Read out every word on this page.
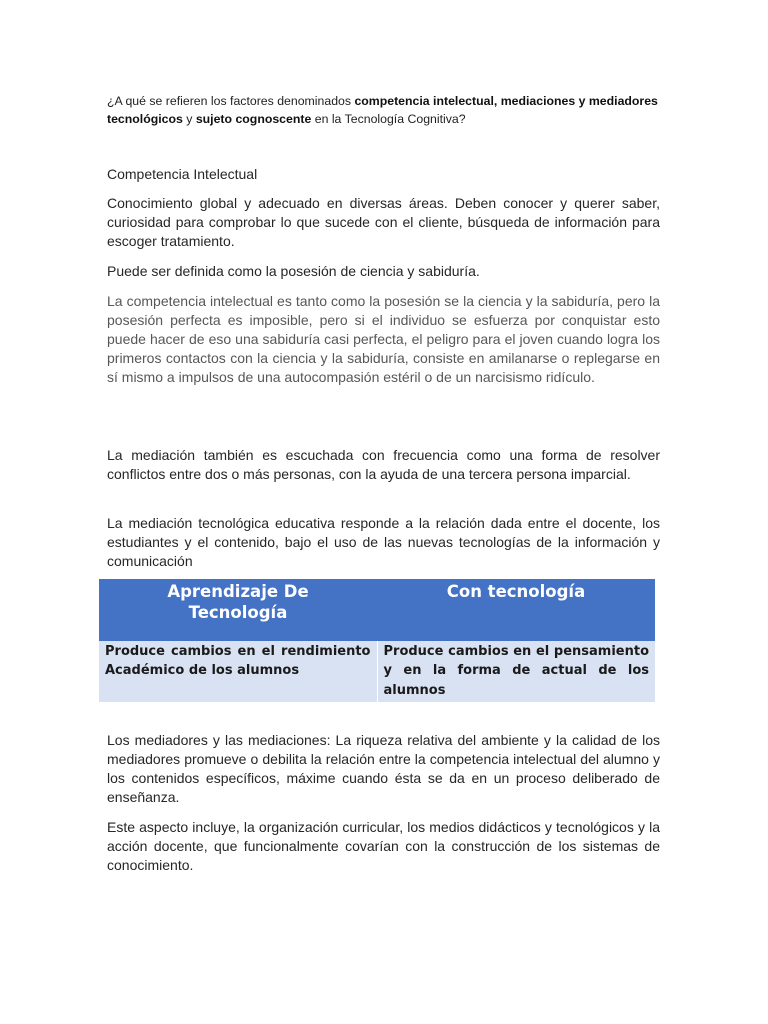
¿A qué se refieren los factores denominados competencia intelectual, mediaciones y mediadores tecnológicos y sujeto cognoscente en la Tecnología Cognitiva?

Competencia Intelectual

Conocimiento global y adecuado en diversas áreas. Deben conocer y querer saber, curiosidad para comprobar lo que sucede con el cliente, búsqueda de información para escoger tratamiento.

Puede ser definida como la posesión de ciencia y sabiduría.

La competencia intelectual es tanto como la posesión se la ciencia y la sabiduría, pero la posesión perfecta es imposible, pero si el individuo se esfuerza por conquistar esto puede hacer de eso una sabiduría casi perfecta, el peligro para el joven cuando logra los primeros contactos con la ciencia y la sabiduría, consiste en amilanarse o replegarse en sí mismo a impulsos de una autocompasión estéril o de un narcisismo ridículo.

La mediación también es escuchada con frecuencia como una forma de resolver conflictos entre dos o más personas, con la ayuda de una tercera persona imparcial.

La mediación tecnológica educativa responde a la relación dada entre el docente, los estudiantes y el contenido, bajo el uso de las nuevas tecnologías de la información y comunicación

Aprendizaje De Tecnología	Con tecnología
Produce cambios en el rendimiento Académico de los alumnos	Produce cambios en el pensamiento y en la forma de actual de los alumnos

Los mediadores y las mediaciones: La riqueza relativa del ambiente y la calidad de los mediadores promueve o debilita la relación entre la competencia intelectual del alumno y los contenidos específicos, máxime cuando ésta se da en un proceso deliberado de enseñanza.

Este aspecto incluye, la organización curricular, los medios didácticos y tecnológicos y la acción docente, que funcionalmente covarían con la construcción de los sistemas de conocimiento.
